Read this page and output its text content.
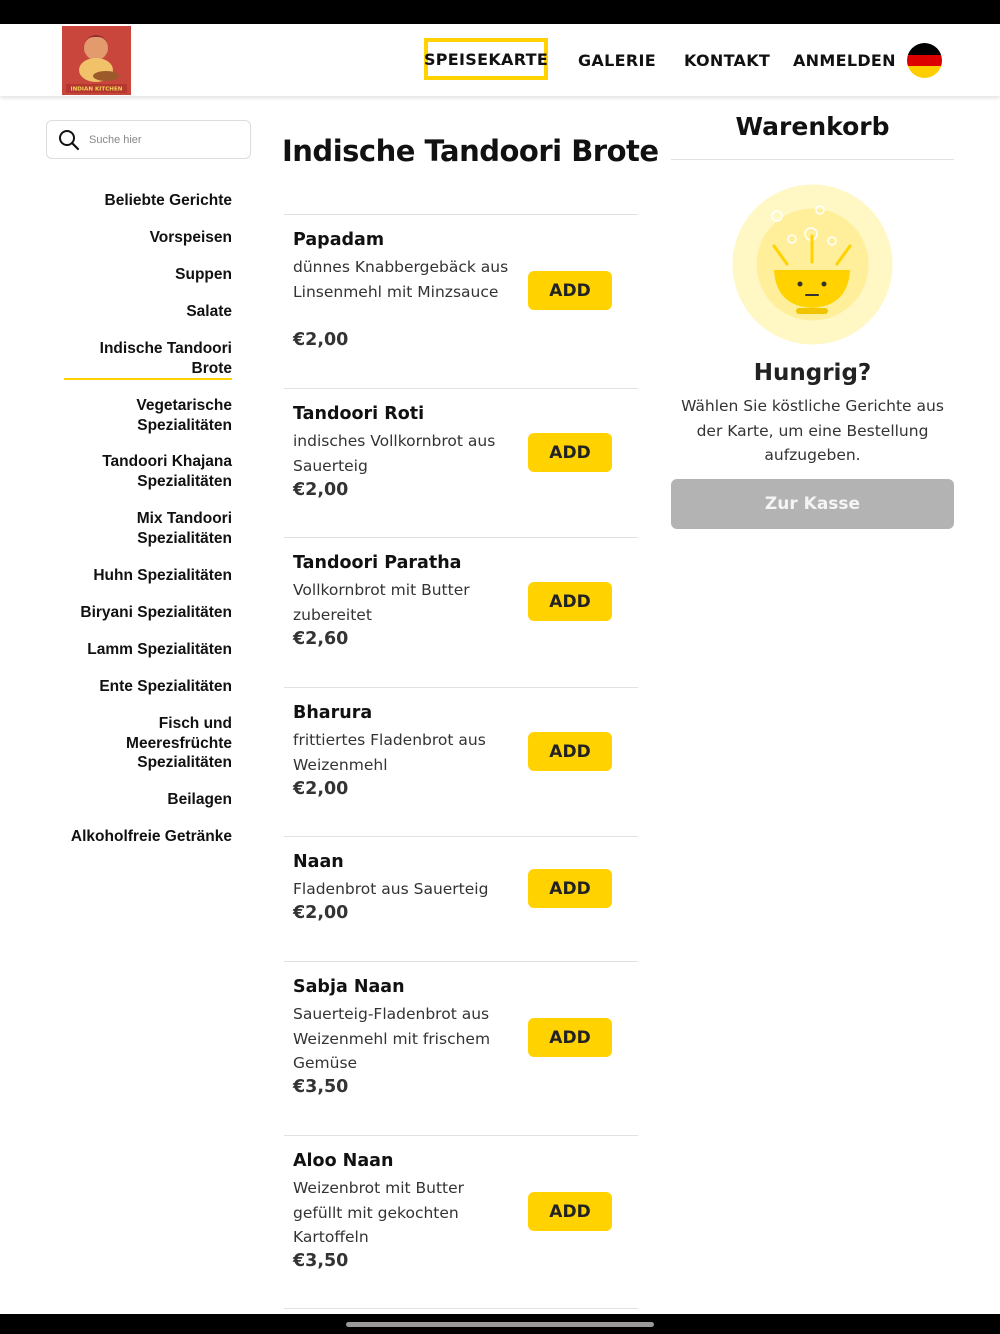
INDIAN KITCHEN
SPEISEKARTE GALERIE KONTAKT ANMELDEN
Suche hier
Beliebte Gerichte
Vorspeisen
Suppen
Salate
Indische Tandoori Brote
Vegetarische Spezialitäten
Tandoori Khajana Spezialitäten
Mix Tandoori Spezialitäten
Huhn Spezialitäten
Biryani Spezialitäten
Lamm Spezialitäten
Ente Spezialitäten
Fisch und Meeresfrüchte Spezialitäten
Beilagen
Alkoholfreie Getränke
Indische Tandoori Brote
Papadam
dünnes Knabbergebäck aus Linsenmehl mit Minzsauce
€2,00
ADD
Tandoori Roti
indisches Vollkornbrot aus Sauerteig
€2,00
ADD
Tandoori Paratha
Vollkornbrot mit Butter zubereitet
€2,60
ADD
Bharura
frittiertes Fladenbrot aus Weizenmehl
€2,00
ADD
Naan
Fladenbrot aus Sauerteig
€2,00
ADD
Sabja Naan
Sauerteig-Fladenbrot aus Weizenmehl mit frischem Gemüse
€3,50
ADD
Aloo Naan
Weizenbrot mit Butter gefüllt mit gekochten Kartoffeln
€3,50
ADD
Warenkorb
Hungrig?
Wählen Sie köstliche Gerichte aus der Karte, um eine Bestellung aufzugeben.
Zur Kasse
